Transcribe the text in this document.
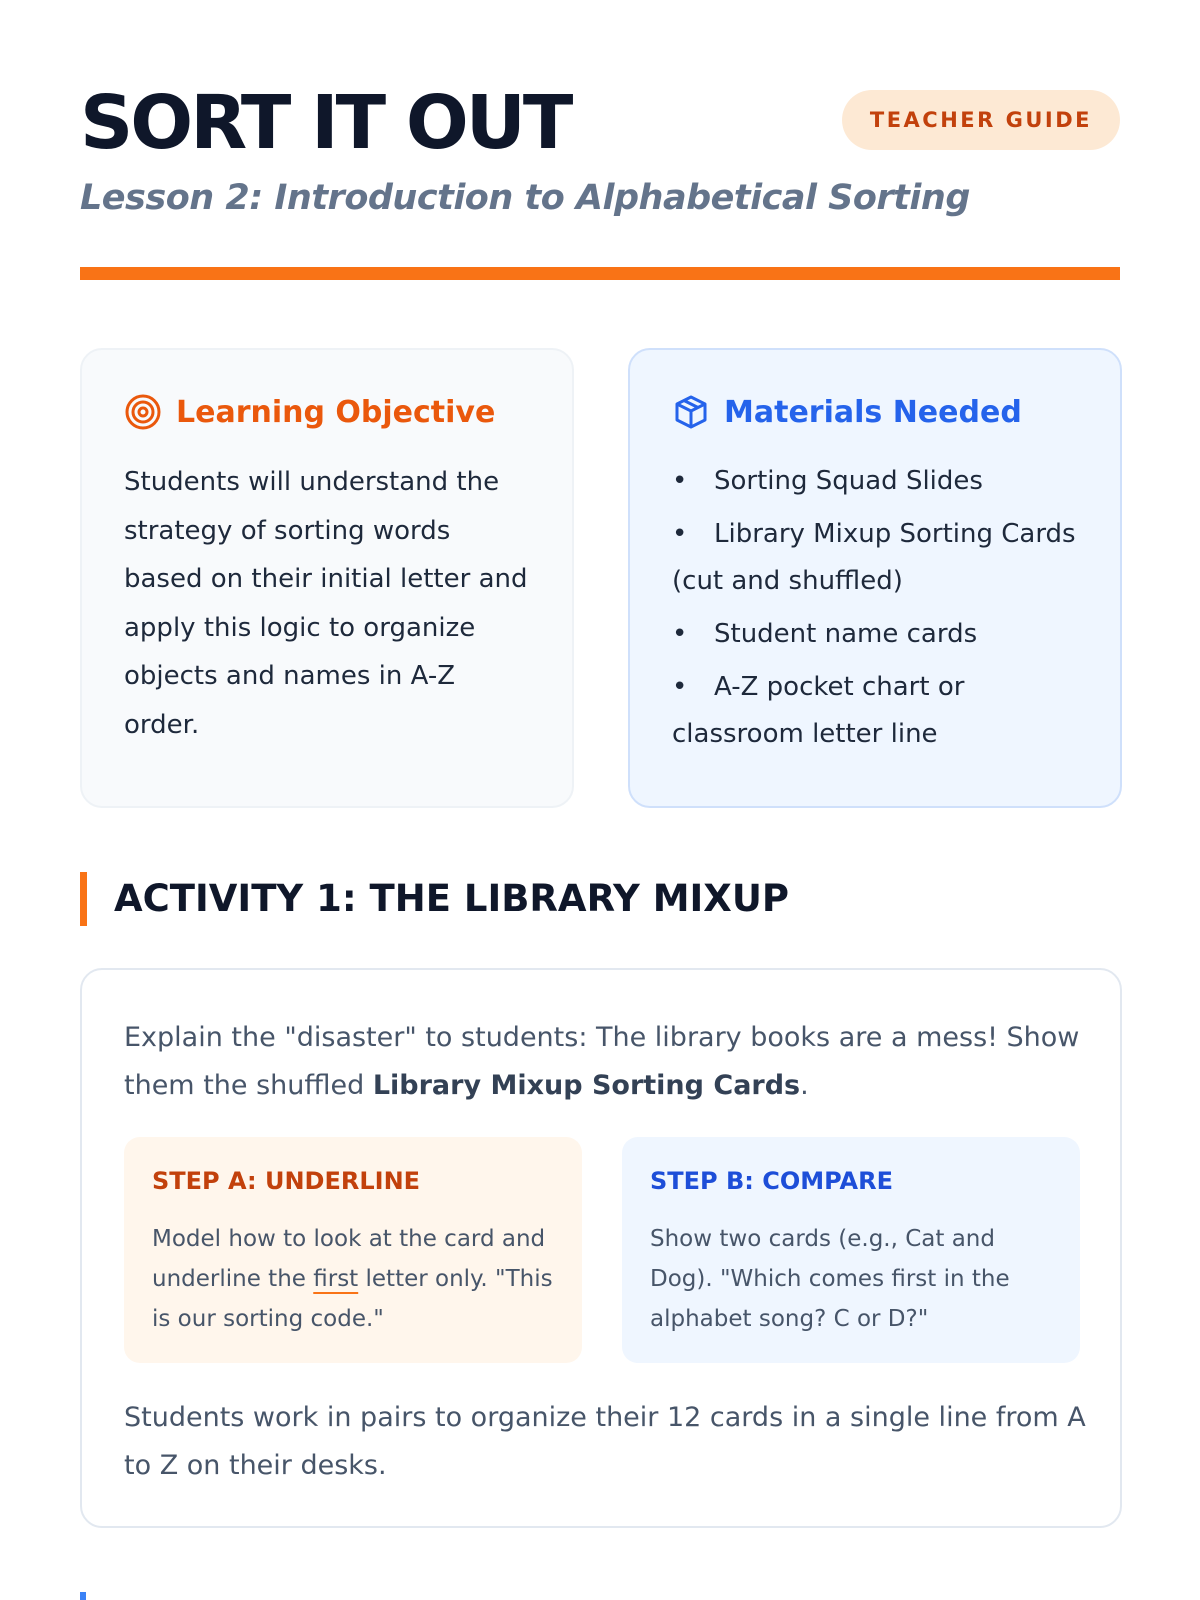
SORT IT OUT	TEACHER GUIDE
Lesson 2: Introduction to Alphabetical Sorting
Learning Objective
Students will understand the strategy of sorting words based on their initial letter and apply this logic to organize objects and names in A-Z order.
Materials Needed
• Sorting Squad Slides
• Library Mixup Sorting Cards (cut and shuffled)
• Student name cards
• A-Z pocket chart or classroom letter line
ACTIVITY 1: THE LIBRARY MIXUP

Explain the "disaster" to students: The library books are a mess! Show them the shuffled Library Mixup Sorting Cards.

STEP A: UNDERLINE

Model how to look at the card and underline the first letter only. "This is our sorting code."

STEP B: COMPARE

Show two cards (e.g., Cat and Dog). "Which comes first in the alphabet song? C or D?"

Students work in pairs to organize their 12 cards in a single line from A to Z on their desks.
